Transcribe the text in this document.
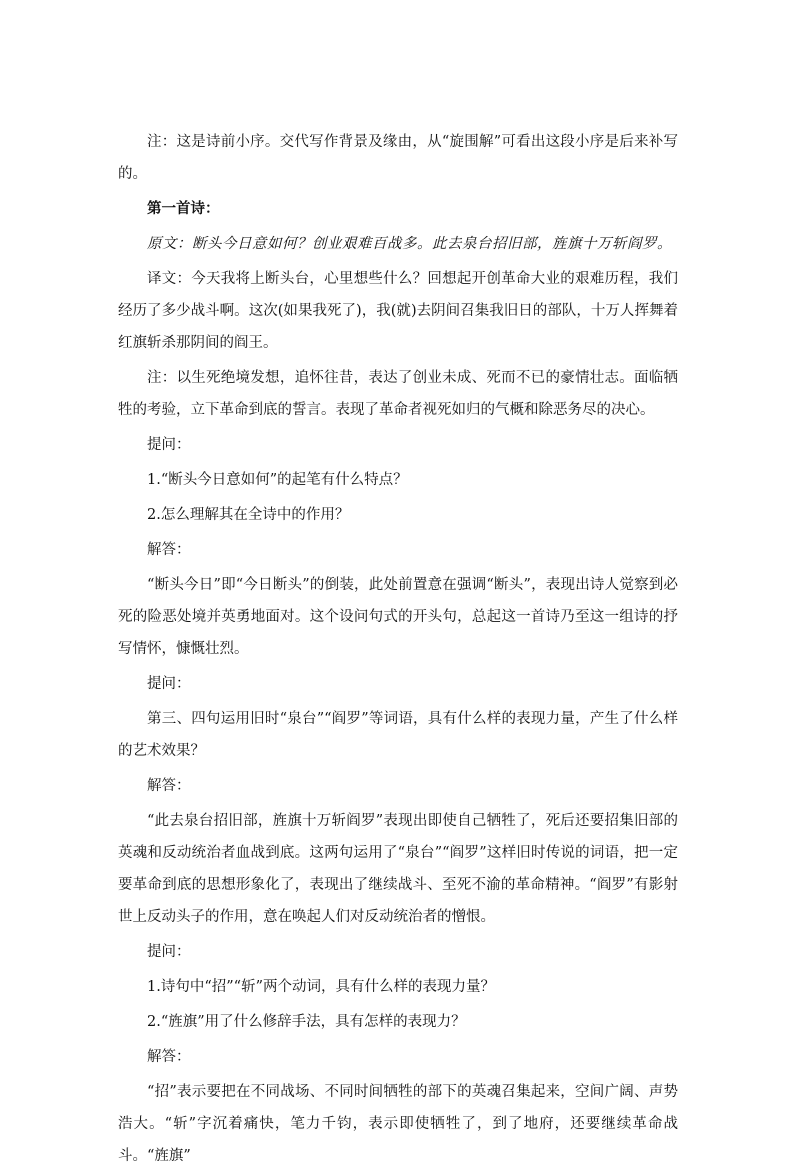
注：这是诗前小序。交代写作背景及缘由，从“旋围解”可看出这段小序是后来补写的。

第一首诗：

原文：断头今日意如何？创业艰难百战多。此去泉台招旧部，旌旗十万斩阎罗。

译文：今天我将上断头台，心里想些什么？回想起开创革命大业的艰难历程，我们经历了多少战斗啊。这次(如果我死了)，我(就)去阴间召集我旧日的部队，十万人挥舞着红旗斩杀那阴间的阎王。

注：以生死绝境发想，追怀往昔，表达了创业未成、死而不已的豪情壮志。面临牺牲的考验，立下革命到底的誓言。表现了革命者视死如归的气概和除恶务尽的决心。

提问：

1.“断头今日意如何”的起笔有什么特点？

2.怎么理解其在全诗中的作用？

解答：

“断头今日”即“今日断头”的倒装，此处前置意在强调“断头”，表现出诗人觉察到必死的险恶处境并英勇地面对。这个设问句式的开头句，总起这一首诗乃至这一组诗的抒写情怀，慷慨壮烈。

提问：

第三、四句运用旧时“泉台”“阎罗”等词语，具有什么样的表现力量，产生了什么样的艺术效果？

解答：

“此去泉台招旧部，旌旗十万斩阎罗”表现出即使自己牺牲了，死后还要招集旧部的英魂和反动统治者血战到底。这两句运用了“泉台”“阎罗”这样旧时传说的词语，把一定要革命到底的思想形象化了，表现出了继续战斗、至死不渝的革命精神。“阎罗”有影射世上反动头子的作用，意在唤起人们对反动统治者的憎恨。

提问：

1.诗句中“招”“斩”两个动词，具有什么样的表现力量？

2.“旌旗”用了什么修辞手法，具有怎样的表现力？

解答：

“招”表示要把在不同战场、不同时间牺牲的部下的英魂召集起来，空间广阔、声势浩大。“斩”字沉着痛快，笔力千钧，表示即使牺牲了，到了地府，还要继续革命战斗。“旌旗”
